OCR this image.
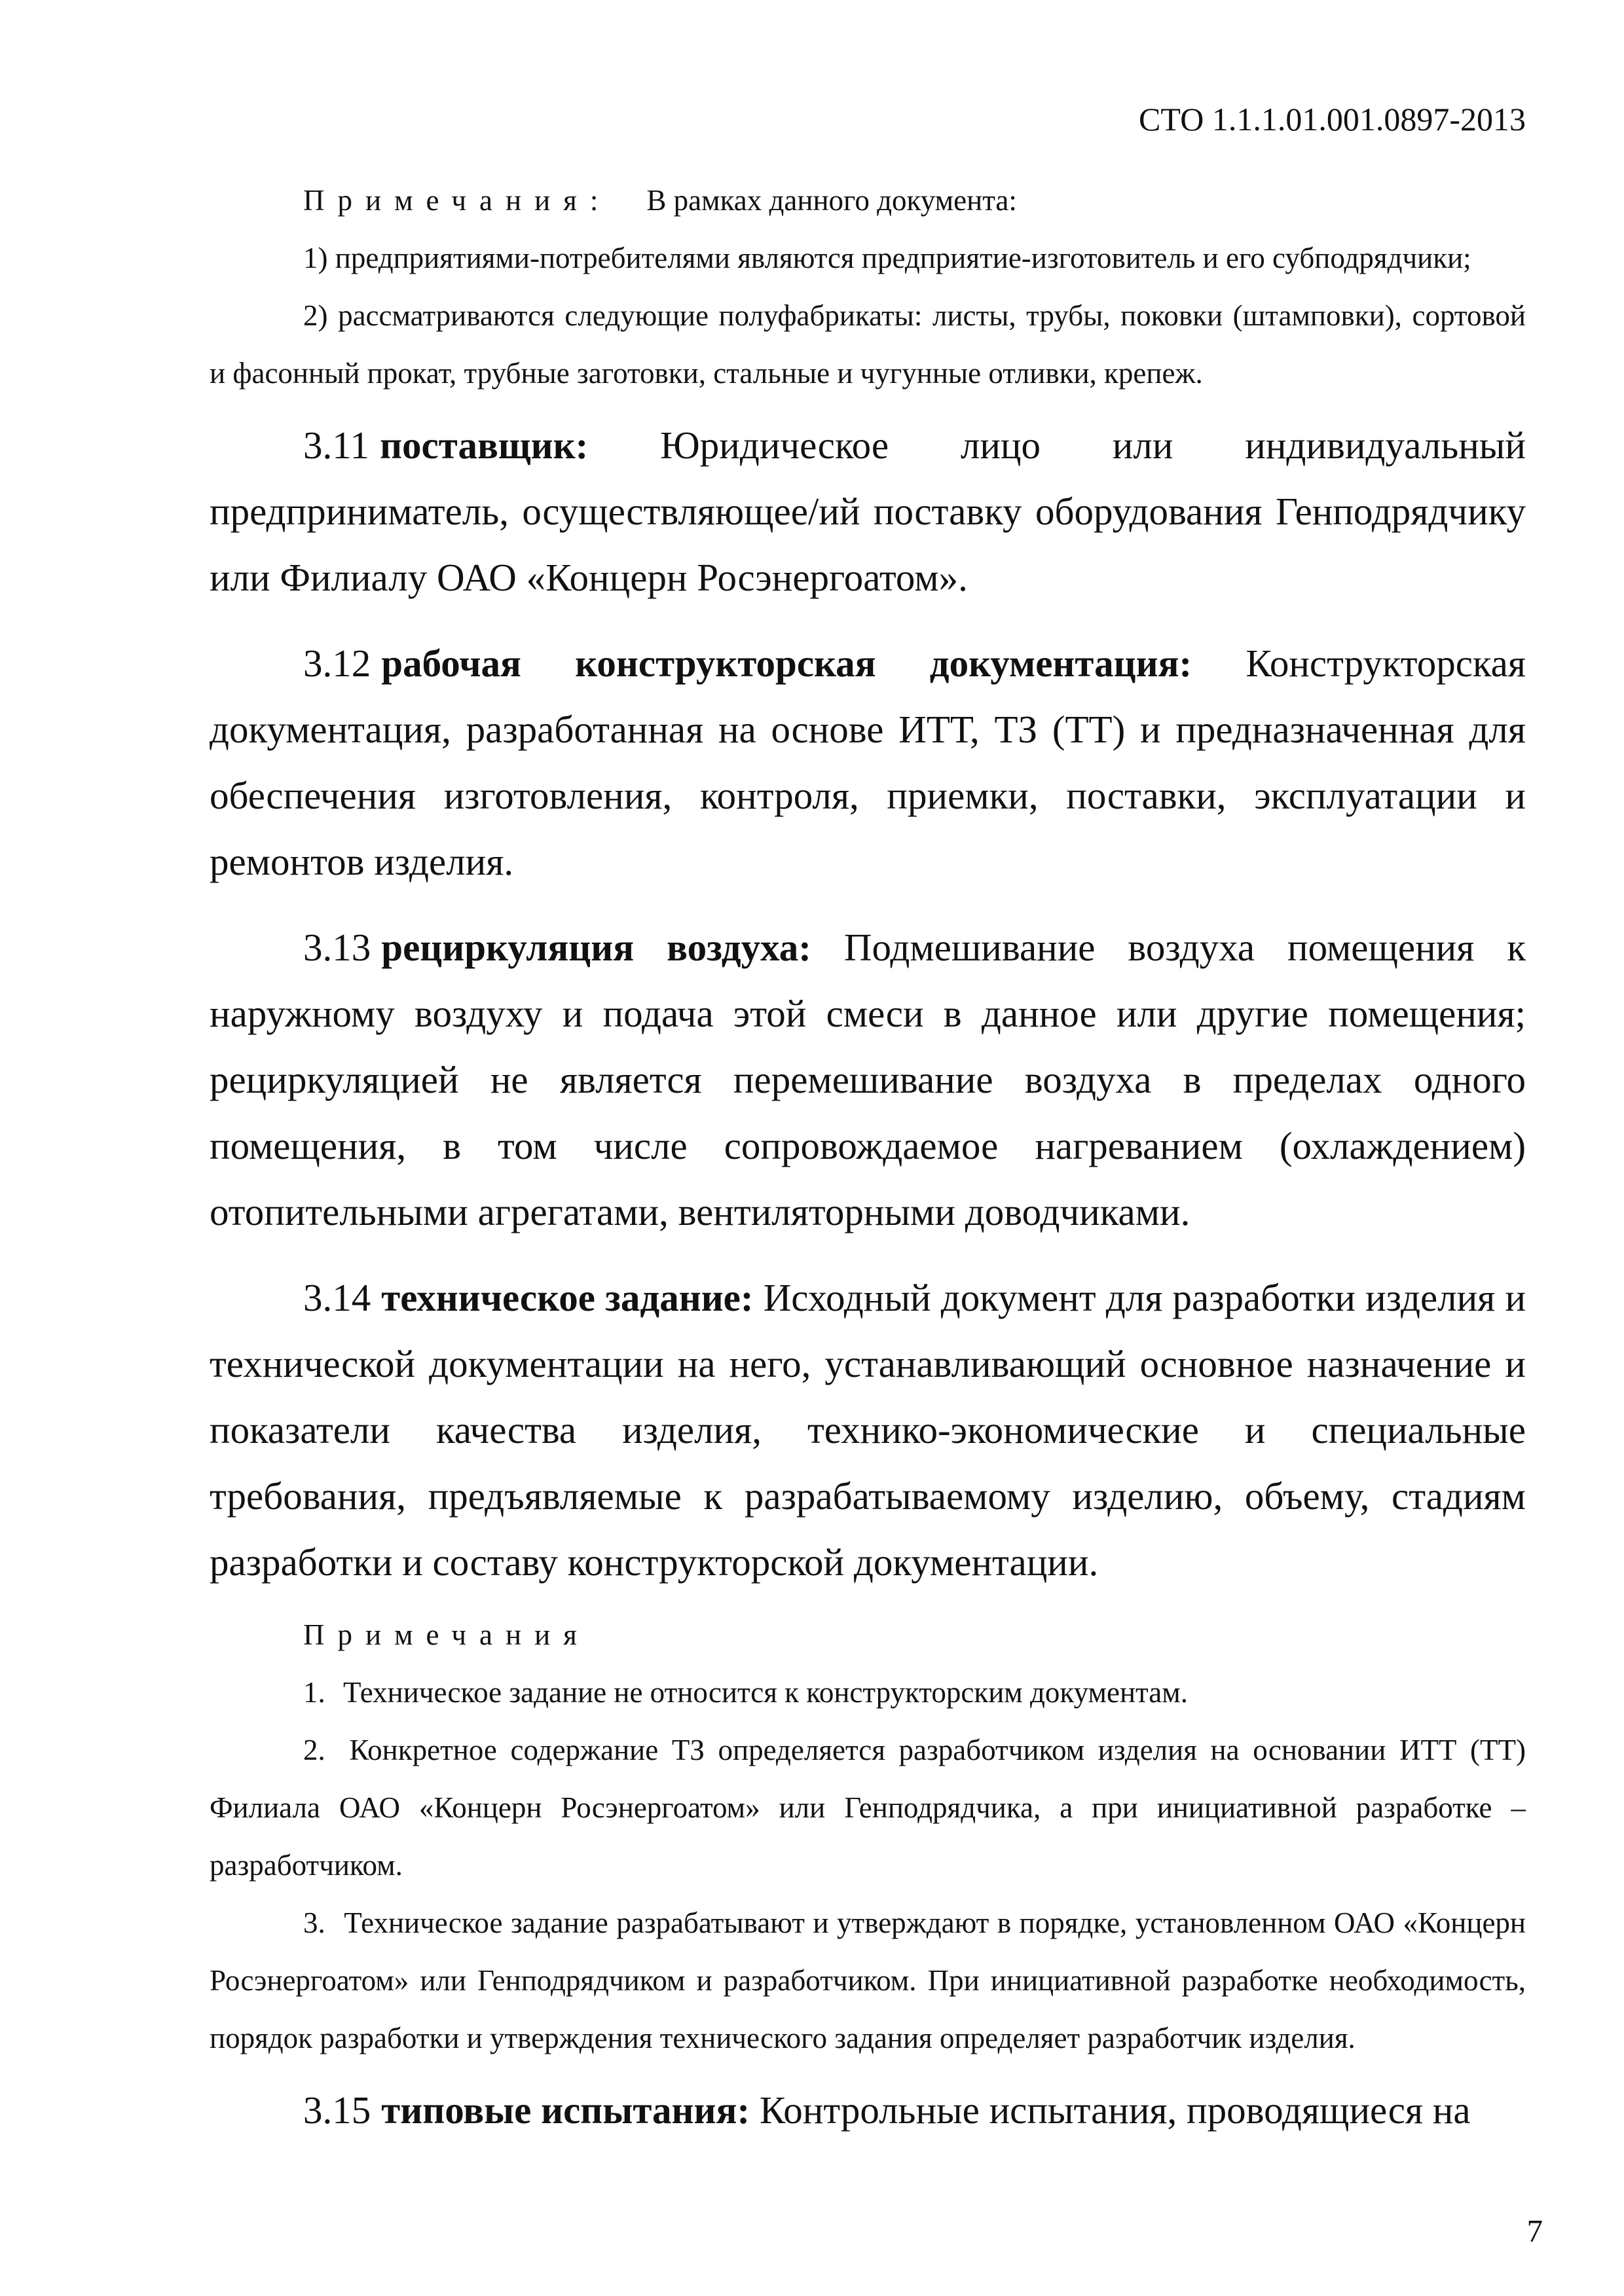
СТО 1.1.1.01.001.0897-2013

Примечания: В рамках данного документа:

1) предприятиями-потребителями являются предприятие-изготовитель и его субподрядчики;

2) рассматриваются следующие полуфабрикаты: листы, трубы, поковки (штамповки), сортовой и фасонный прокат, трубные заготовки, стальные и чугунные отливки, крепеж.

3.11 поставщик: Юридическое лицо или индивидуальный предприниматель, осуществляющее/ий поставку оборудования Генподрядчику или Филиалу ОАО «Концерн Росэнергоатом».

3.12 рабочая конструкторская документация: Конструкторская документация, разработанная на основе ИТТ, ТЗ (ТТ) и предназначенная для обеспечения изготовления, контроля, приемки, поставки, эксплуатации и ремонтов изделия.

3.13 рециркуляция воздуха: Подмешивание воздуха помещения к наружному воздуху и подача этой смеси в данное или другие помещения; рециркуляцией не является перемешивание воздуха в пределах одного помещения, в том числе сопровождаемое нагреванием (охлаждением) отопительными агрегатами, вентиляторными доводчиками.

3.14 техническое задание: Исходный документ для разработки изделия и технической документации на него, устанавливающий основное назначение и показатели качества изделия, технико-экономические и специальные требования, предъявляемые к разрабатываемому изделию, объему, стадиям разработки и составу конструкторской документации.

Примечания

1. Техническое задание не относится к конструкторским документам.

2. Конкретное содержание ТЗ определяется разработчиком изделия на основании ИТТ (ТТ) Филиала ОАО «Концерн Росэнергоатом» или Генподрядчика, а при инициативной разработке – разработчиком.

3. Техническое задание разрабатывают и утверждают в порядке, установленном ОАО «Концерн Росэнергоатом» или Генподрядчиком и разработчиком. При инициативной разработке необходимость, порядок разработки и утверждения технического задания определяет разработчик изделия.

3.15 типовые испытания: Контрольные испытания, проводящиеся на

7
